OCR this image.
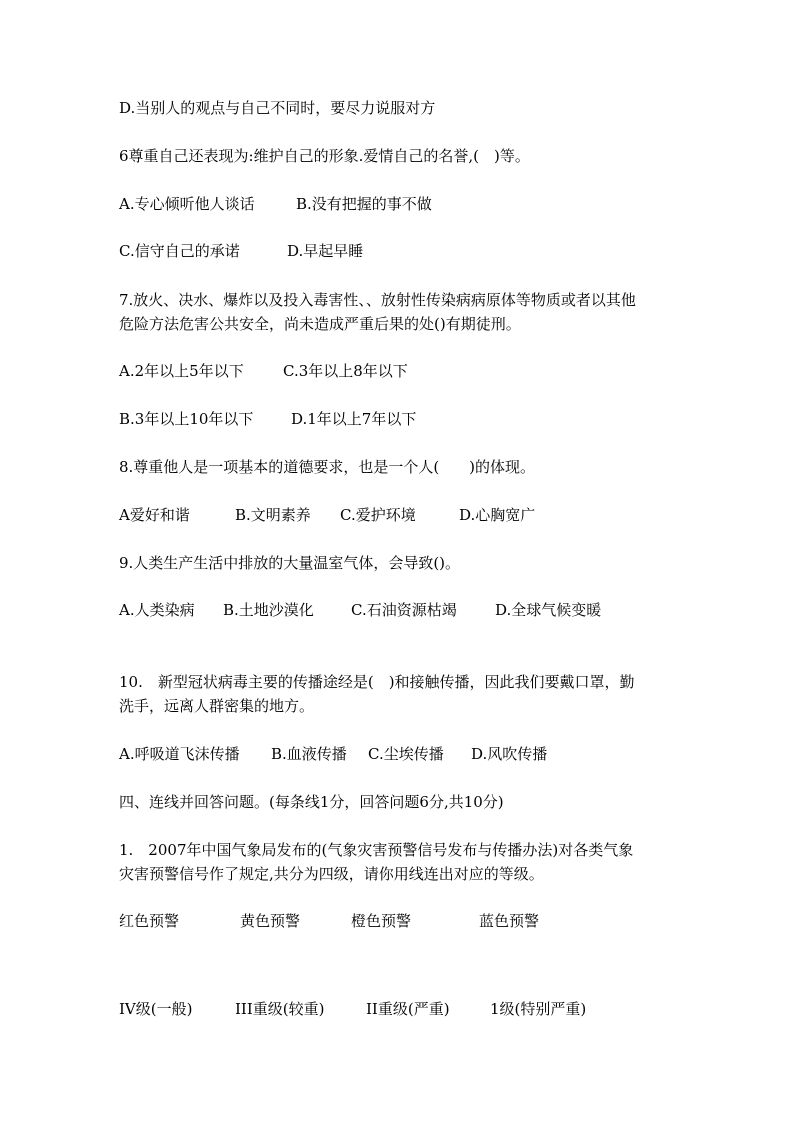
D.当别人的观点与自己不同时，要尽力说服对方
6尊重自己还表现为:维护自己的形象.爱情自己的名誉,(　)等。
A.专心倾听他人谈话	B.没有把握的事不做
C.信守自己的承诺	D.早起早睡
7.放火、决水、爆炸以及投入毒害性、、放射性传染病病原体等物质或者以其他
危险方法危害公共安全，尚未造成严重后果的处()有期徒刑。
A.2年以上5年以下	C.3年以上8年以下
B.3年以上10年以下	D.1年以上7年以下
8.尊重他人是一项基本的道德要求，也是一个人(　　)的体现。
A爱好和谐	B.文明素养 C.爱护环境	D.心胸宽广
9.人类生产生活中排放的大量温室气体，会导致()。
A.人类染病 B.土地沙漠化 C.石油资源枯竭	D.全球气候变暖
10.　新型冠状病毒主要的传播途经是(　)和接触传播，因此我们要戴口罩，勤
洗手，远离人群密集的地方。
A.呼吸道飞沫传播 B.血液传播 C.尘埃传播 D.风吹传播
四、连线并回答问题。(每条线1分，回答问题6分,共10分)
1.　2007年中国气象局发布的(气象灾害预警信号发布与传播办法)对各类气象
灾害预警信号作了规定,共分为四级，请你用线连出对应的等级。
红色预警	黄色预警	橙色预警	蓝色预警
IV级(一般)	III重级(较重)	II重级(严重)	1级(特别严重)
